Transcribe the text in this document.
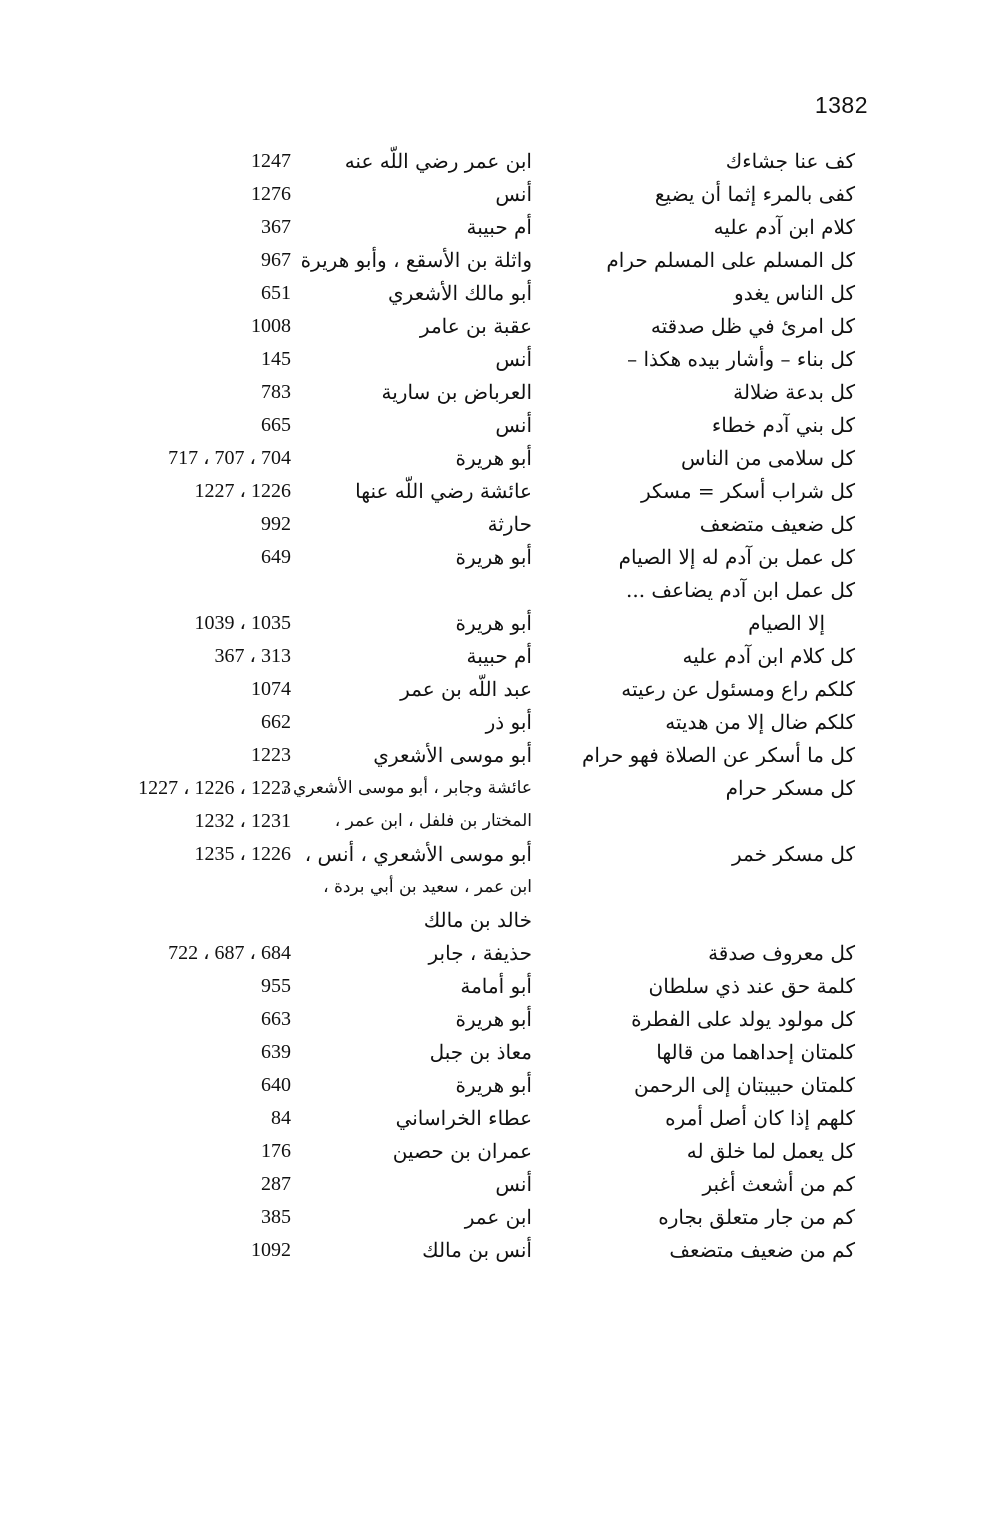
1382
كف عنا جشاءك
ابن عمر رضي اللّه عنه
1247
كفى بالمرء إثما أن يضيع
أنس
1276
كلام ابن آدم عليه
أم حبيبة
367
كل المسلم على المسلم حرام
واثلة بن الأسقع ، وأبو هريرة
967
كل الناس يغدو
أبو مالك الأشعري
651
كل امرئ في ظل صدقته
عقبة بن عامر
1008
كل بناء – وأشار بيده هكذا –
أنس
145
كل بدعة ضلالة
العرباض بن سارية
783
كل بني آدم خطاء
أنس
665
كل سلامى من الناس
أبو هريرة
717 ، 707 ، 704
كل شراب أسكر = مسكر
عائشة رضي اللّه عنها
1227 ، 1226
كل ضعيف متضعف
حارثة
992
كل عمل بن آدم له إلا الصيام
أبو هريرة
649
كل عمل ابن آدم يضاعف ...
إلا الصيام
أبو هريرة
1039 ، 1035
كل كلام ابن آدم عليه
أم حبيبة
367 ، 313
كلكم راع ومسئول عن رعيته
عبد اللّه بن عمر
1074
كلكم ضال إلا من هديته
أبو ذر
662
كل ما أسكر عن الصلاة فهو حرام
أبو موسى الأشعري
1223
كل مسكر حرام
عائشة وجابر ، أبو موسى الأشعري ،
1227 ، 1226 ، 1223
المختار بن فلفل ، ابن عمر ،
1232 ، 1231
كل مسكر خمر
أبو موسى الأشعري ، أنس ،
1235 ، 1226
ابن عمر ، سعيد بن أبي بردة ،
خالد بن مالك
كل معروف صدقة
حذيفة ، جابر
722 ، 687 ، 684
كلمة حق عند ذي سلطان
أبو أمامة
955
كل مولود يولد على الفطرة
أبو هريرة
663
كلمتان إحداهما من قالها
معاذ بن جبل
639
كلمتان حبيبتان إلى الرحمن
أبو هريرة
640
كلهم إذا كان أصل أمره
عطاء الخراساني
84
كل يعمل لما خلق له
عمران بن حصين
176
كم من أشعث أغبر
أنس
287
كم من جار متعلق بجاره
ابن عمر
385
كم من ضعيف متضعف
أنس بن مالك
1092
